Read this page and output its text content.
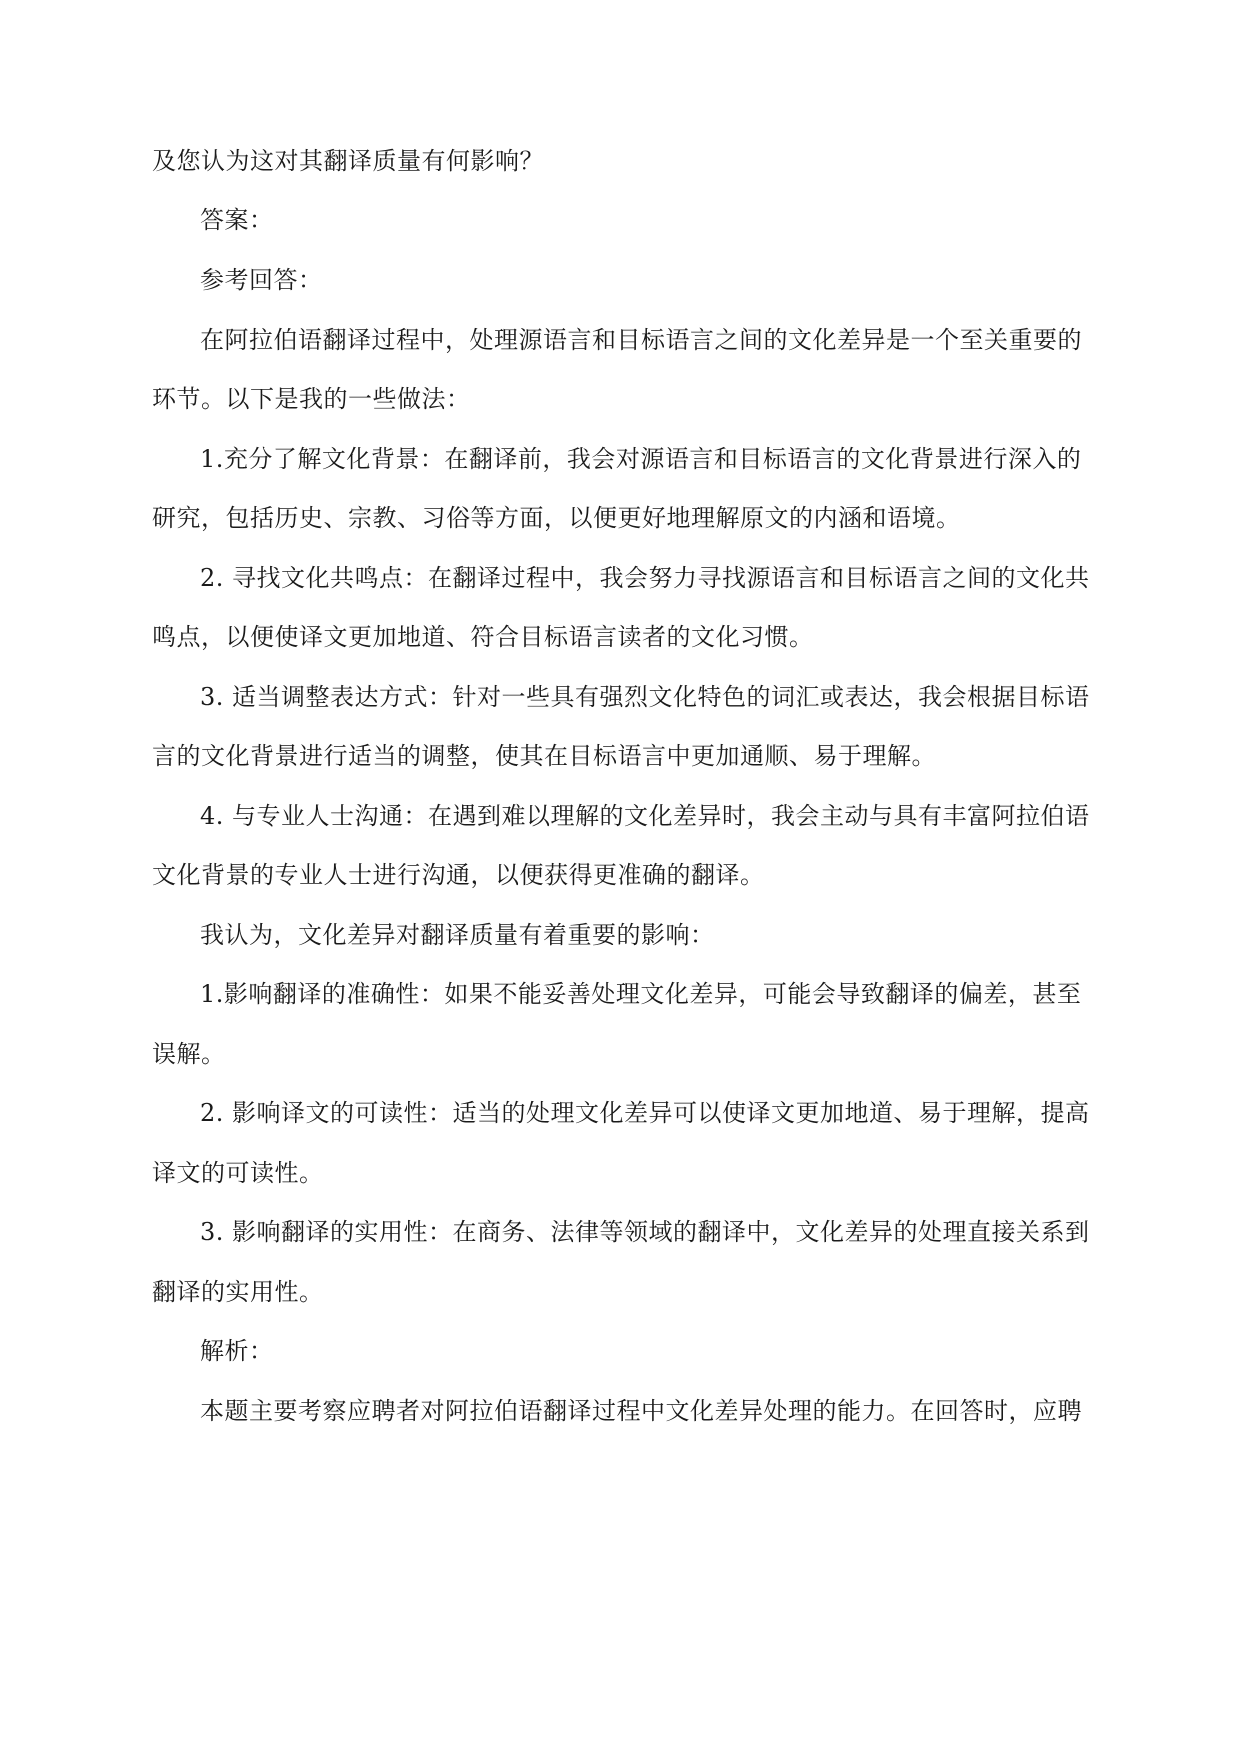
及您认为这对其翻译质量有何影响？
答案：
参考回答：
在阿拉伯语翻译过程中，处理源语言和目标语言之间的文化差异是一个至关重要的
环节。以下是我的一些做法：
1.充分了解文化背景：在翻译前，我会对源语言和目标语言的文化背景进行深入的
研究，包括历史、宗教、习俗等方面，以便更好地理解原文的内涵和语境。
2. 寻找文化共鸣点：在翻译过程中，我会努力寻找源语言和目标语言之间的文化共
鸣点，以便使译文更加地道、符合目标语言读者的文化习惯。
3. 适当调整表达方式：针对一些具有强烈文化特色的词汇或表达，我会根据目标语
言的文化背景进行适当的调整，使其在目标语言中更加通顺、易于理解。
4. 与专业人士沟通：在遇到难以理解的文化差异时，我会主动与具有丰富阿拉伯语
文化背景的专业人士进行沟通，以便获得更准确的翻译。
我认为，文化差异对翻译质量有着重要的影响：
1.影响翻译的准确性：如果不能妥善处理文化差异，可能会导致翻译的偏差，甚至
误解。
2. 影响译文的可读性：适当的处理文化差异可以使译文更加地道、易于理解，提高
译文的可读性。
3. 影响翻译的实用性：在商务、法律等领域的翻译中，文化差异的处理直接关系到
翻译的实用性。
解析：
本题主要考察应聘者对阿拉伯语翻译过程中文化差异处理的能力。在回答时，应聘
